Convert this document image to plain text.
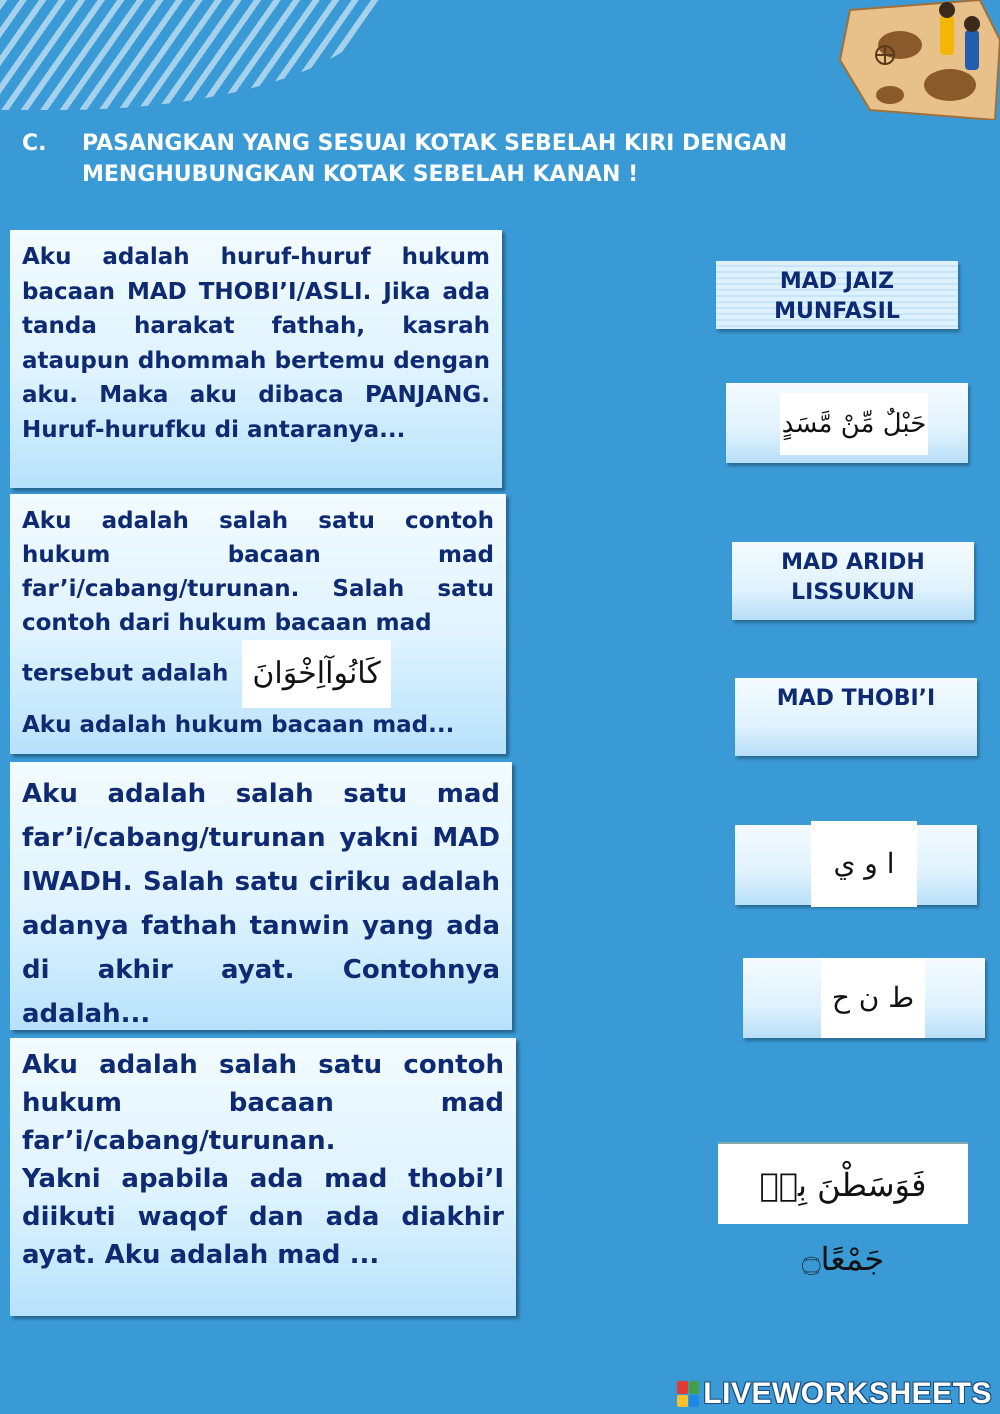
C. PASANGKAN YANG SESUAI KOTAK SEBELAH KIRI DENGAN
MENGHUBUNGKAN KOTAK SEBELAH KANAN !
Aku adalah huruf-huruf hukum bacaan MAD THOBI’I/ASLI. Jika ada tanda harakat fathah, kasrah ataupun dhommah bertemu dengan aku. Maka aku dibaca PANJANG. Huruf-hurufku di antaranya...
Aku adalah salah satu contoh hukum bacaan mad far’i/cabang/turunan. Salah satu contoh dari hukum bacaan mad
tersebut adalah كَانُوآاِخْوَانَ
Aku adalah hukum bacaan mad...
Aku adalah salah satu mad far’i/cabang/turunan yakni MAD IWADH. Salah satu ciriku adalah adanya fathah tanwin yang ada di akhir ayat. Contohnya adalah...
Aku adalah salah satu contoh hukum bacaan mad far’i/cabang/turunan.
Yakni apabila ada mad thobi’I diikuti waqof dan ada diakhir ayat. Aku adalah mad ...
MAD JAIZ
MUNFASIL
حَبْلٌ مِّنْ مَّسَدٍ
MAD ARIDH
LISSUKUN
MAD THOBI’I
ا و ي
ط ن ح
فَوَسَطْنَ بِهٖ جَمْعًا۝
LIVEWORKSHEETS
